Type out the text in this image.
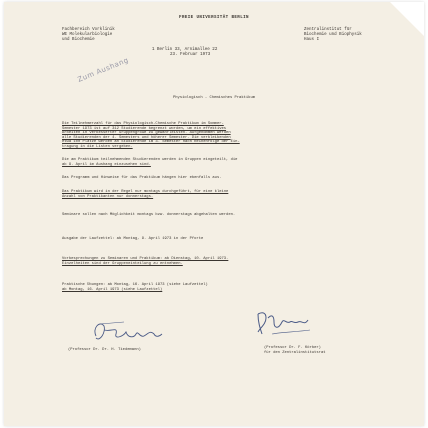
FREIE UNIVERSITÄT BERLIN
Fachbereich Vorklinik
WE Molekularbiologie
und Biochemie
Zentralinstitut für
Biochemie und Biophysik
Haus I
1 Berlin 33, Arnimallee 22
23. Februar 1973
Zum Aushang
Physiologisch - Chemisches Praktikum
Die Teilnehmerzahl für das Physiologisch-Chemische Praktikum im Sommer-
Semester 1973 ist auf 312 Studierende begrenzt worden, um ein effektives
Arbeiten in verbesserter Gruppengröße zu gewährleisten. Aufgenommen werden
alle Studierenden der 4. Semesters und höherer Semester. Die verbleibenden
etwa 100 Plätze werden an Studierende im 3. Semester nach Reihenfolge der Ein-
tragung in die Listen vergeben.
Die am Praktikum teilnehmenden Studierenden werden in Gruppen eingeteilt, die
ab 9. April im Aushang einzusehen sind.
Das Programm und Hinweise für das Praktikum hängen hier ebenfalls aus.
Das Praktikum wird in der Regel nur montags durchgeführt, für eine kleine
Anzahl von Praktikanten nur donnerstags.
Seminare sollen nach Möglichkeit montags bzw. donnerstags abgehalten werden.
Ausgabe der Laufzettel: ab Montag, 9. April 1973 in der Pforte
Vorbesprechungen zu Seminaren und Praktikum: ab Dienstag, 10. April 1973.
Einzelheiten sind der Gruppeneinteilung zu entnehmen.
Praktische Übungen: ab Montag, 16. April 1973 (siehe Laufzettel)
ab Montag, 16. April 1973 (siehe Laufzettel)
(Professor Dr. Dr. H. Tiedemann)	(Professor Dr. F. Körber)
für den Zentralinstitutsrat
